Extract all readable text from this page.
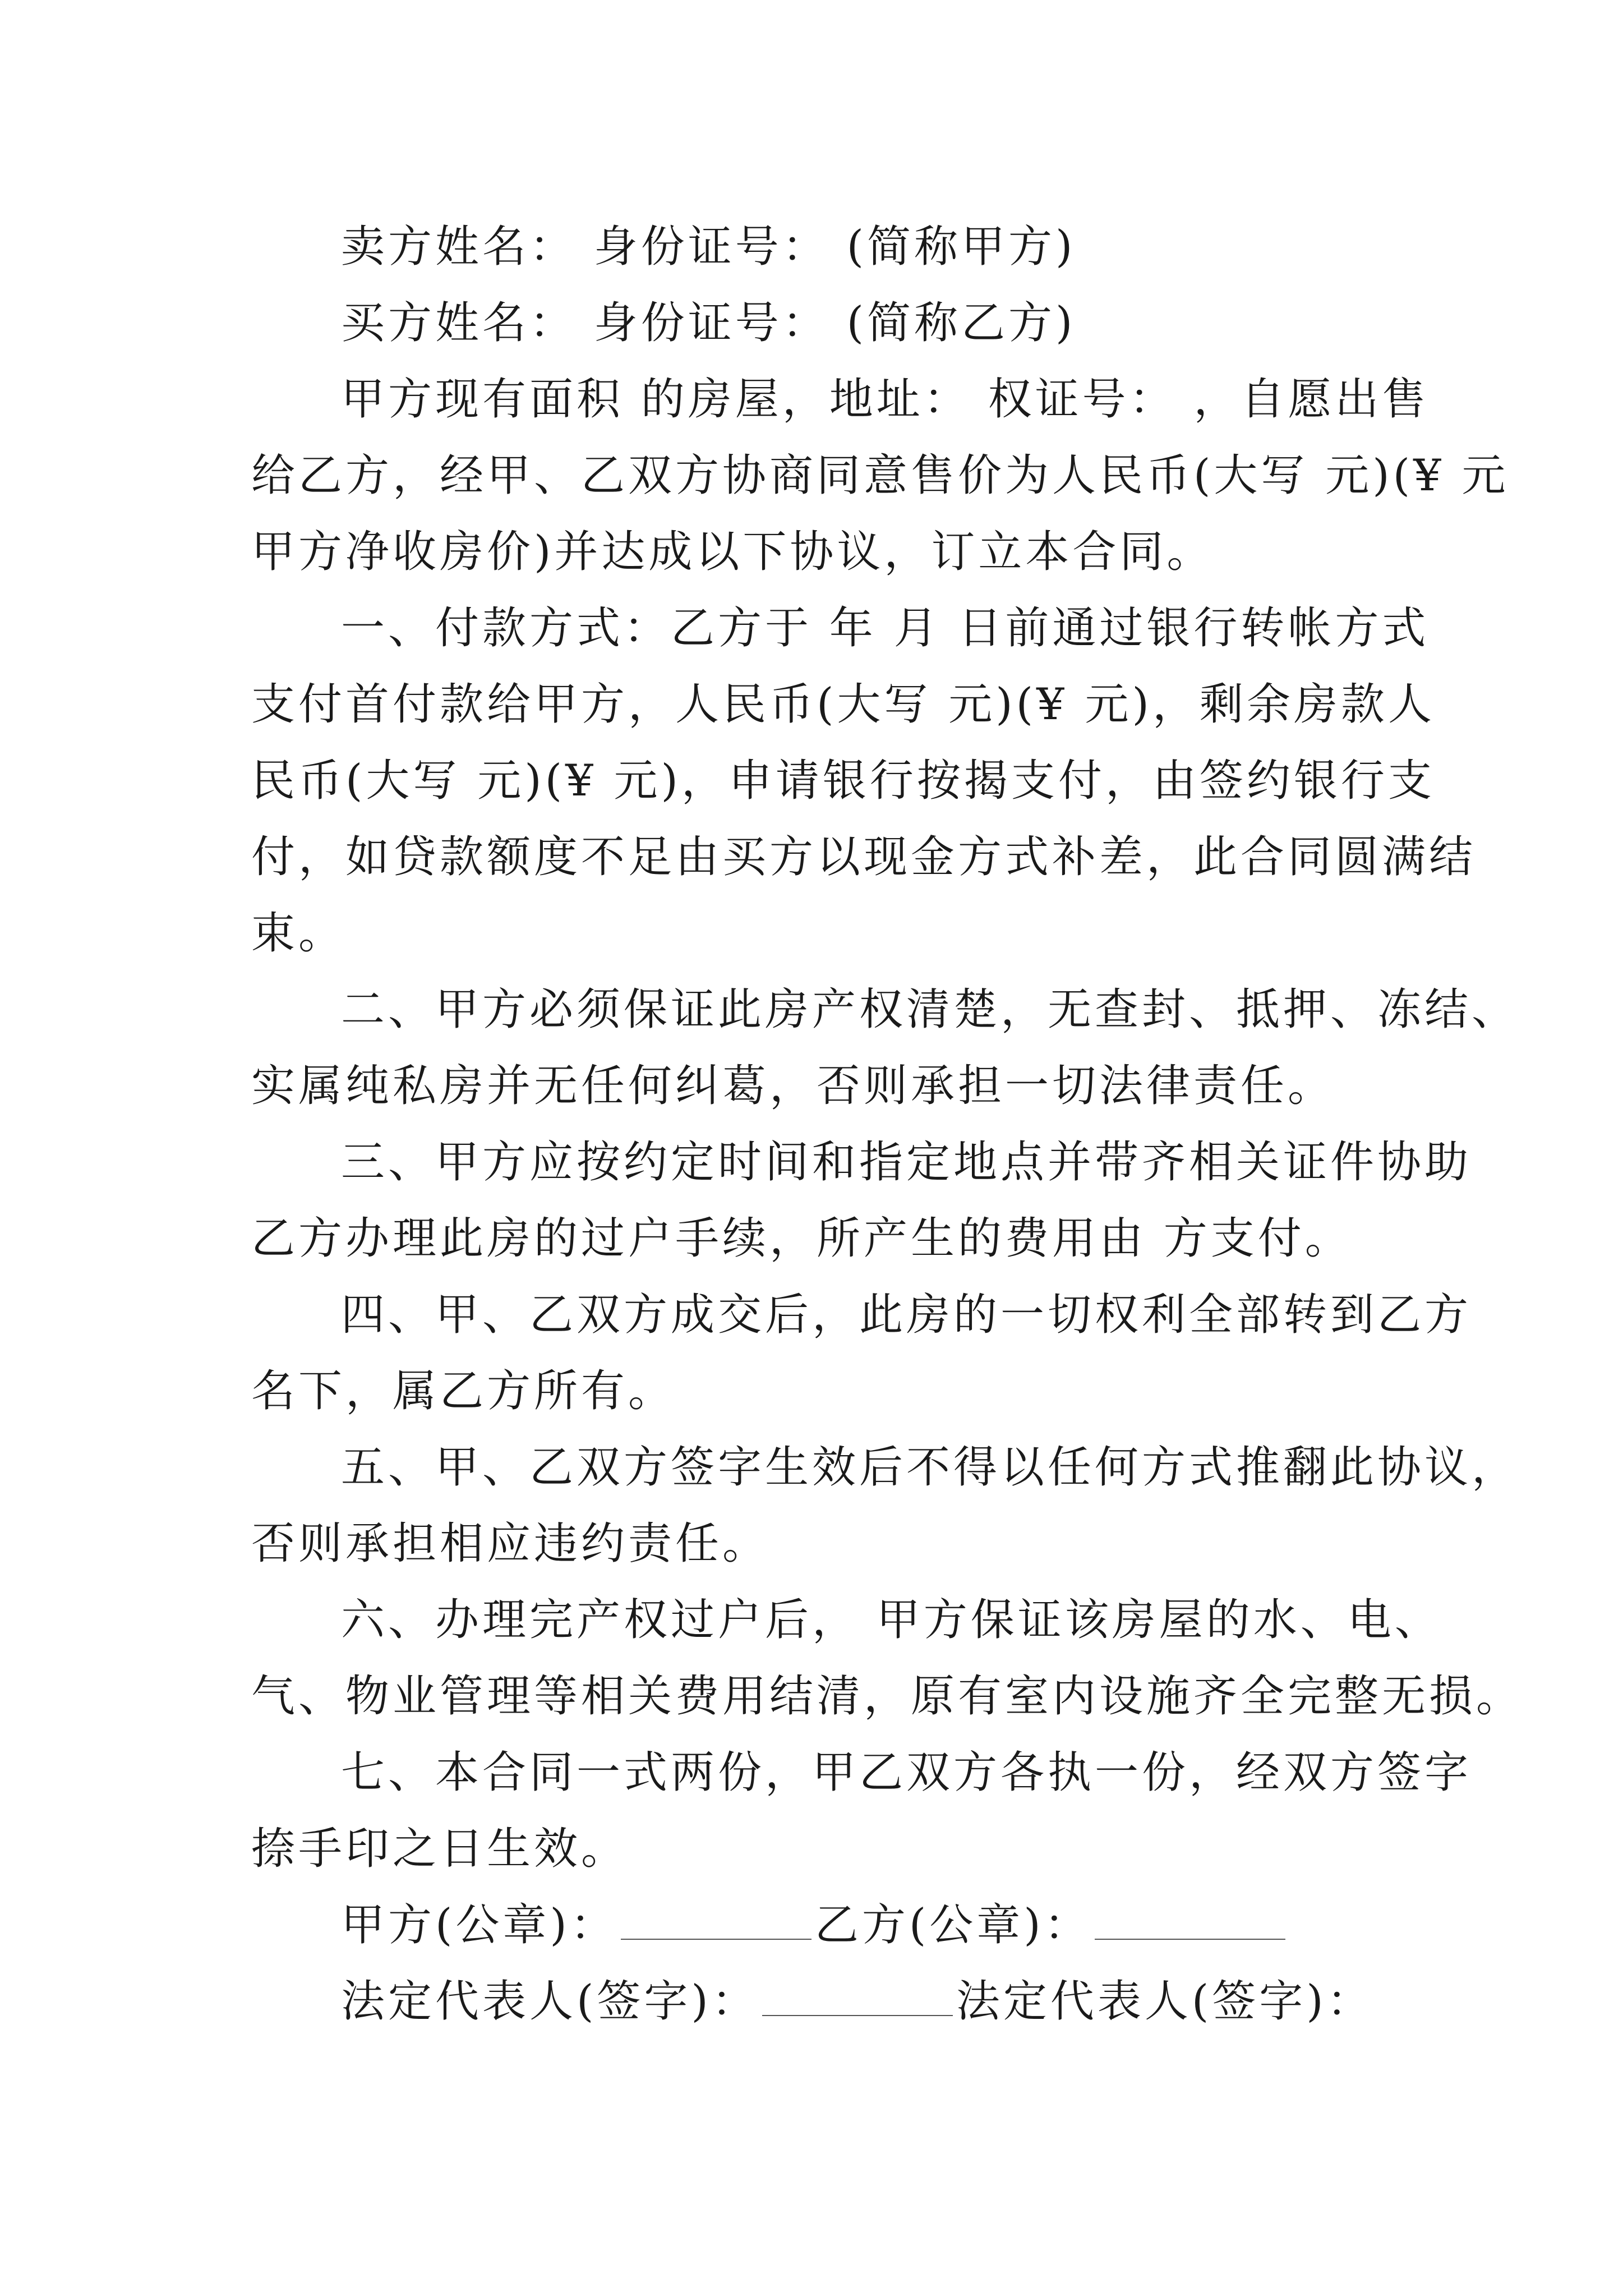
卖方姓名： 身份证号： (简称甲方)
买方姓名： 身份证号： (简称乙方)
甲方现有面积 的房屋，地址： 权证号： ，自愿出售
给乙方，经甲、乙双方协商同意售价为人民币(大写 元)(¥ 元
甲方净收房价)并达成以下协议，订立本合同。
一、付款方式：乙方于 年 月 日前通过银行转帐方式
支付首付款给甲方，人民币(大写 元)(¥ 元)，剩余房款人
民币(大写 元)(¥ 元)，申请银行按揭支付，由签约银行支
付，如贷款额度不足由买方以现金方式补差，此合同圆满结
束。
二、甲方必须保证此房产权清楚，无查封、抵押、冻结、
实属纯私房并无任何纠葛，否则承担一切法律责任。
三、甲方应按约定时间和指定地点并带齐相关证件协助
乙方办理此房的过户手续，所产生的费用由 方支付。
四、甲、乙双方成交后，此房的一切权利全部转到乙方
名下，属乙方所有。
五、甲、乙双方签字生效后不得以任何方式推翻此协议，
否则承担相应违约责任。
六、办理完产权过户后， 甲方保证该房屋的水、电、
气、物业管理等相关费用结清，原有室内设施齐全完整无损。
七、本合同一式两份，甲乙双方各执一份，经双方签字
捺手印之日生效。
甲方(公章)：	乙方(公章)：
法定代表人(签字)：	法定代表人(签字)：
